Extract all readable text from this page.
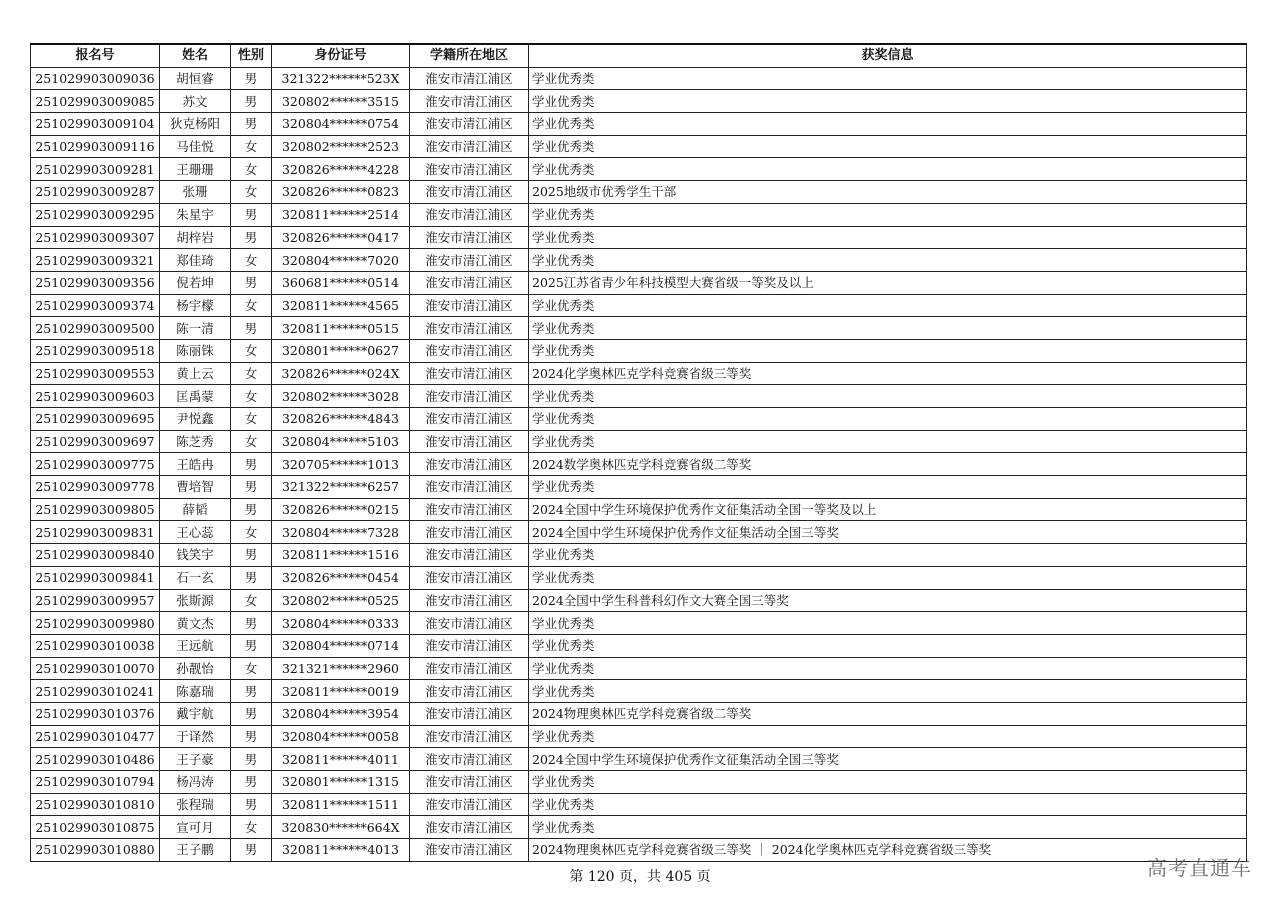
报名号	姓名	性别	身份证号	学籍所在地区	获奖信息
251029903009036	胡恒睿	男	321322******523X	淮安市清江浦区	学业优秀类
251029903009085	苏文	男	320802******3515	淮安市清江浦区	学业优秀类
251029903009104	狄克杨阳	男	320804******0754	淮安市清江浦区	学业优秀类
251029903009116	马佳悦	女	320802******2523	淮安市清江浦区	学业优秀类
251029903009281	王珊珊	女	320826******4228	淮安市清江浦区	学业优秀类
251029903009287	张珊	女	320826******0823	淮安市清江浦区	2025地级市优秀学生干部
251029903009295	朱星宇	男	320811******2514	淮安市清江浦区	学业优秀类
251029903009307	胡梓岩	男	320826******0417	淮安市清江浦区	学业优秀类
251029903009321	郑佳琦	女	320804******7020	淮安市清江浦区	学业优秀类
251029903009356	倪若坤	男	360681******0514	淮安市清江浦区	2025江苏省青少年科技模型大赛省级一等奖及以上
251029903009374	杨宇檬	女	320811******4565	淮安市清江浦区	学业优秀类
251029903009500	陈一清	男	320811******0515	淮安市清江浦区	学业优秀类
251029903009518	陈丽铢	女	320801******0627	淮安市清江浦区	学业优秀类
251029903009553	黄上云	女	320826******024X	淮安市清江浦区	2024化学奥林匹克学科竞赛省级三等奖
251029903009603	匡禹蒙	女	320802******3028	淮安市清江浦区	学业优秀类
251029903009695	尹悦鑫	女	320826******4843	淮安市清江浦区	学业优秀类
251029903009697	陈芝秀	女	320804******5103	淮安市清江浦区	学业优秀类
251029903009775	王皓冉	男	320705******1013	淮安市清江浦区	2024数学奥林匹克学科竞赛省级二等奖
251029903009778	曹培智	男	321322******6257	淮安市清江浦区	学业优秀类
251029903009805	薛韬	男	320826******0215	淮安市清江浦区	2024全国中学生环境保护优秀作文征集活动全国一等奖及以上
251029903009831	王心蕊	女	320804******7328	淮安市清江浦区	2024全国中学生环境保护优秀作文征集活动全国三等奖
251029903009840	钱笑宇	男	320811******1516	淮安市清江浦区	学业优秀类
251029903009841	石一玄	男	320826******0454	淮安市清江浦区	学业优秀类
251029903009957	张斯源	女	320802******0525	淮安市清江浦区	2024全国中学生科普科幻作文大赛全国三等奖
251029903009980	黄文杰	男	320804******0333	淮安市清江浦区	学业优秀类
251029903010038	王远航	男	320804******0714	淮安市清江浦区	学业优秀类
251029903010070	孙靓怡	女	321321******2960	淮安市清江浦区	学业优秀类
251029903010241	陈嘉瑞	男	320811******0019	淮安市清江浦区	学业优秀类
251029903010376	戴宇航	男	320804******3954	淮安市清江浦区	2024物理奥林匹克学科竞赛省级二等奖
251029903010477	于译然	男	320804******0058	淮安市清江浦区	学业优秀类
251029903010486	王子豪	男	320811******4011	淮安市清江浦区	2024全国中学生环境保护优秀作文征集活动全国三等奖
251029903010794	杨冯涛	男	320801******1315	淮安市清江浦区	学业优秀类
251029903010810	张程瑞	男	320811******1511	淮安市清江浦区	学业优秀类
251029903010875	宣可月	女	320830******664X	淮安市清江浦区	学业优秀类
251029903010880	王子鹏	男	320811******4013	淮安市清江浦区	2024物理奥林匹克学科竞赛省级三等奖 ｜ 2024化学奥林匹克学科竞赛省级三等奖
第 120 页，共 405 页	高考直通车
